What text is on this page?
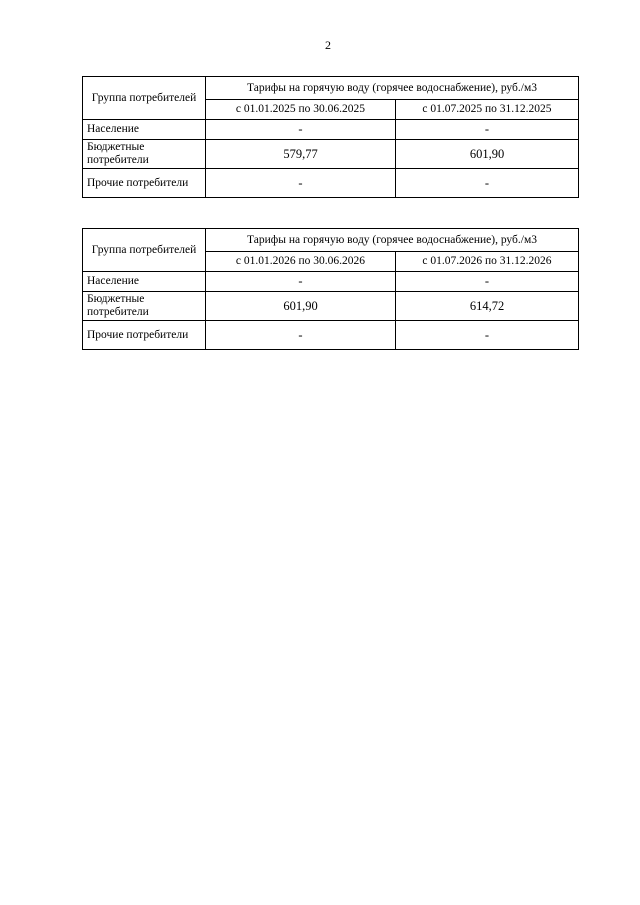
2
Группа потребителей	Тарифы на горячую воду (горячее водоснабжение), руб./м3	
	с 01.01.2025 по 30.06.2025	с 01.07.2025 по 31.12.2025
Население	-	-
Бюджетные потребители	579,77	601,90
Прочие потребители	-	-
Группа потребителей	Тарифы на горячую воду (горячее водоснабжение), руб./м3	
	с 01.01.2026 по 30.06.2026	с 01.07.2026 по 31.12.2026
Население	-	-
Бюджетные потребители	601,90	614,72
Прочие потребители	-	-
